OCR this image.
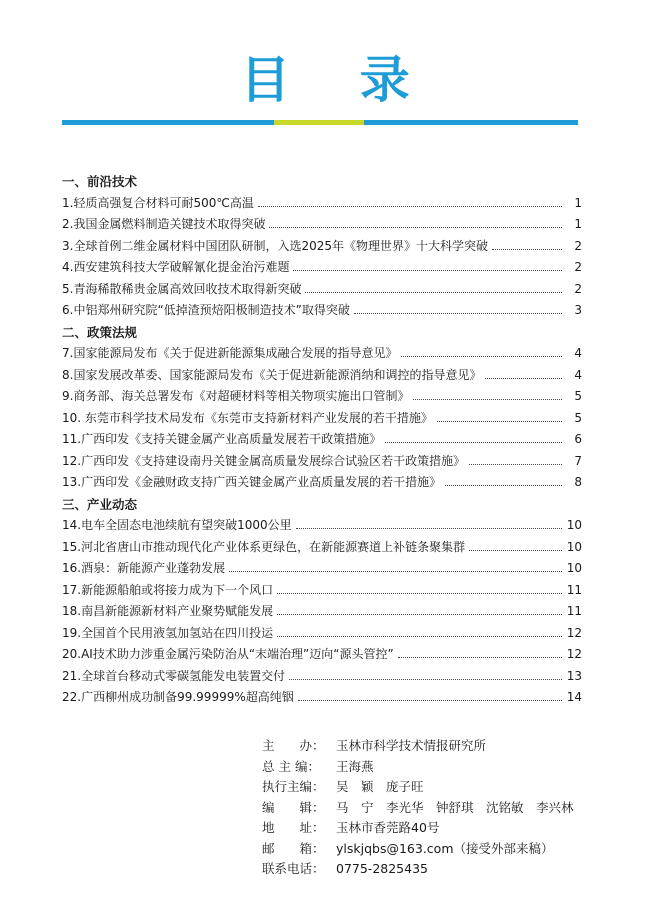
目 录
一、前沿技术
1.轻质高强复合材料可耐500℃高温	1
2.我国金属燃料制造关键技术取得突破	1
3.全球首例二维金属材料中国团队研制，入选2025年《物理世界》十大科学突破	2
4.西安建筑科技大学破解氰化提金治污难题	2
5.青海稀散稀贵金属高效回收技术取得新突破	2
6.中铝郑州研究院“低掉渣预焙阳极制造技术”取得突破	3
二、政策法规
7.国家能源局发布《关于促进新能源集成融合发展的指导意见》	4
8.国家发展改革委、国家能源局发布《关于促进新能源消纳和调控的指导意见》	4
9.商务部、海关总署发布《对超硬材料等相关物项实施出口管制》	5
10. 东莞市科学技术局发布《东莞市支持新材料产业发展的若干措施》	5
11.广西印发《支持关键金属产业高质量发展若干政策措施》	6
12.广西印发《支持建设南丹关键金属高质量发展综合试验区若干政策措施》	7
13.广西印发《金融财政支持广西关键金属产业高质量发展的若干措施》	8
三、产业动态
14.电车全固态电池续航有望突破1000公里	10
15.河北省唐山市推动现代化产业体系更绿色，在新能源赛道上补链条聚集群	10
16.酒泉：新能源产业蓬勃发展	10
17.新能源船舶或将接力成为下一个风口	11
18.南昌新能源新材料产业聚势赋能发展	11
19.全国首个民用液氢加氢站在四川投运	12
20.AI技术助力涉重金属污染防治从“末端治理”迈向“源头管控”	12
21.全球首台移动式零碳氢能发电装置交付	13
22.广西柳州成功制备99.99999%超高纯铟	14
主　　办： 玉林市科学技术情报研究所
总 主 编：	王海燕
执行主编： 吴　颖　庞子旺
编　　辑： 马　宁　李光华　钟舒琪　沈铭敏　李兴林
地　　址： 玉林市香莞路40号
邮　　箱： ylskjqbs@163.com（接受外部来稿）
联系电话： 0775-2825435
